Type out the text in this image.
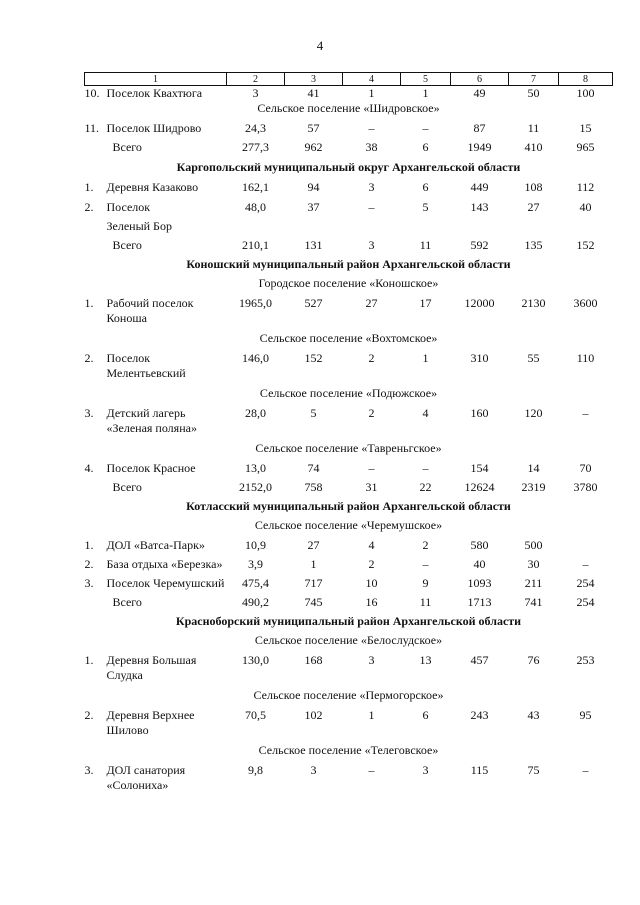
4
1	2	3	4	5	6	7	8
10. Поселок Квахтюга	3	41	1	1	49	50	100
Сельское поселение «Шидровское»							
11. Поселок Шидрово	24,3	57	–	–	87	11	15
Всего	277,3	962	38	6	1949	410	965
Каргопольский муниципальный округ Архангельской области							
1. Деревня Казаково	162,1	94	3	6	449	108	112
2. Поселок	48,0	37	–	5	143	27	40
Зеленый Бор							
Всего	210,1	131	3	11	592	135	152
Коношский муниципальный район Архангельской области							
Городское поселение «Коношское»							
1. Рабочий поселок Коноша	1965,0	527	27	17	12000	2130	3600
Сельское поселение «Вохтомское»							
2. Поселок Мелентьевский	146,0	152	2	1	310	55	110
Сельское поселение «Подюжское»							
3. Детский лагерь «Зеленая поляна»	28,0	5	2	4	160	120	–
Сельское поселение «Тавреньгское»							
4. Поселок Красное	13,0	74	–	–	154	14	70
Всего	2152,0	758	31	22	12624	2319	3780
Котласский муниципальный район Архангельской области							
Сельское поселение «Черемушское»							
1. ДОЛ «Ватса-Парк»	10,9	27	4	2	580	500	
2. База отдыха «Березка»	3,9	1	2	–	40	30	–
3. Поселок Черемушский	475,4	717	10	9	1093	211	254
Всего	490,2	745	16	11	1713	741	254
Красноборский муниципальный район Архангельской области							
Сельское поселение «Белослудское»							
1. Деревня Большая Слудка	130,0	168	3	13	457	76	253
Сельское поселение «Пермогорское»							
2. Деревня Верхнее Шилово	70,5	102	1	6	243	43	95
Сельское поселение «Телеговское»							
3. ДОЛ санатория «Солониха»	9,8	3	–	3	115	75	–
